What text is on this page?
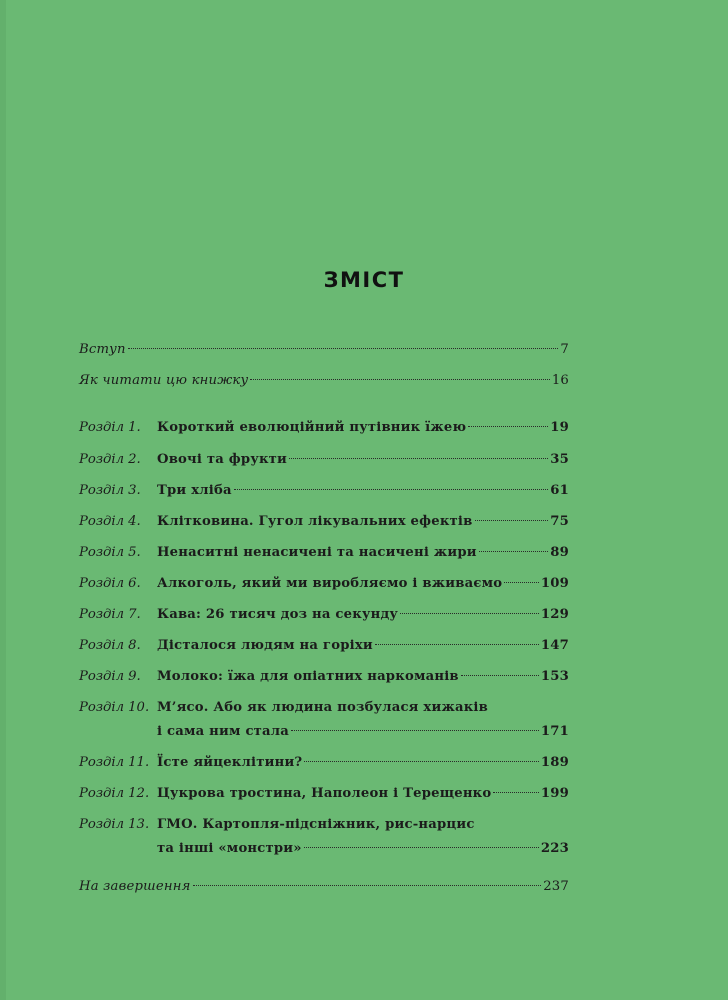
ЗМІСТ
Вступ	7
Як читати цю книжку	16
Розділ 1.	Короткий еволюційний путівник їжею	19
Розділ 2.	Овочі та фрукти	35
Розділ 3.	Три хліба	61
Розділ 4.	Клітковина. Гугол лікувальних ефектів	75
Розділ 5.	Ненаситні ненасичені та насичені жири	89
Розділ 6.	Алкоголь, який ми виробляємо і вживаємо	109
Розділ 7.	Кава: 26 тисяч доз на секунду	129
Розділ 8.	Дісталося людям на горіхи	147
Розділ 9.	Молоко: їжа для опіатних наркоманів	153
Розділ 10. М’ясо. Або як людина позбулася хижаків
і сама ним стала	171
Розділ 11. Їсте яйцеклітини?	189
Розділ 12. Цукрова тростина, Наполеон і Терещенко	199
Розділ 13. ГМО. Картопля-підсніжник, рис-нарцис
та інші «монстри»	223
На завершення	237
